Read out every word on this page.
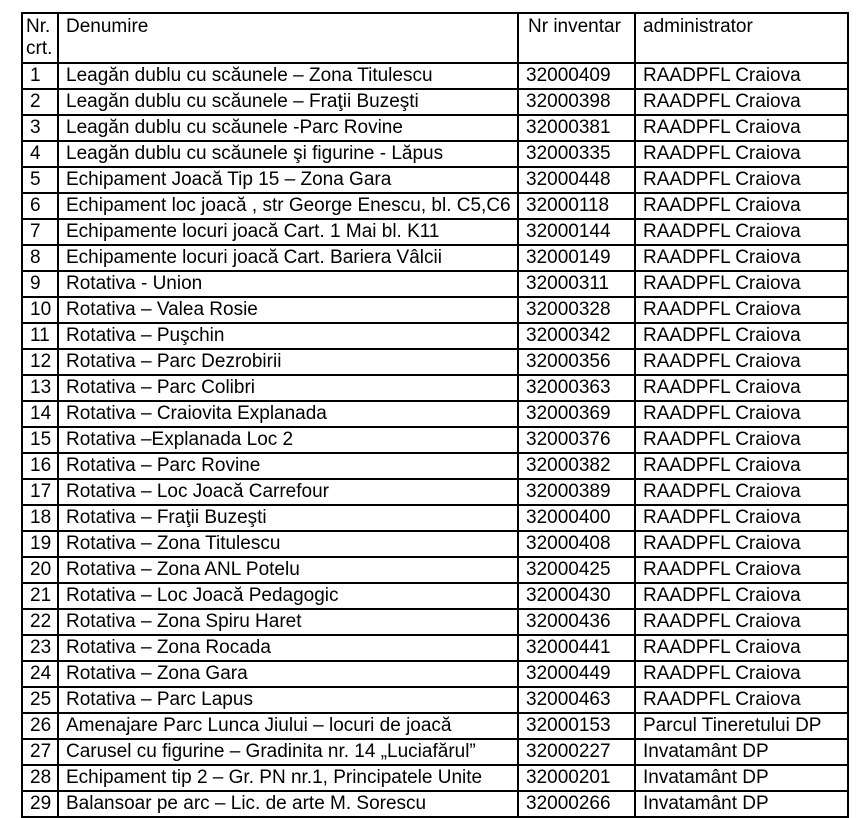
Nr. crt.	Denumire	Nr inventar	administrator
1	Leagăn dublu cu scăunele – Zona Titulescu	32000409	RAADPFL Craiova
2	Leagăn dublu cu scăunele – Fraţii Buzeşti	32000398	RAADPFL Craiova
3	Leagăn dublu cu scăunele -Parc Rovine	32000381	RAADPFL Craiova
4	Leagăn dublu cu scăunele şi figurine - Lăpus	32000335	RAADPFL Craiova
5	Echipament Joacă Tip 15 – Zona Gara	32000448	RAADPFL Craiova
6	Echipament loc joacă , str George Enescu, bl. C5,C6	32000118	RAADPFL Craiova
7	Echipamente locuri joacă Cart. 1 Mai bl. K11	32000144	RAADPFL Craiova
8	Echipamente locuri joacă Cart. Bariera Vâlcii	32000149	RAADPFL Craiova
9	Rotativa - Union	32000311	RAADPFL Craiova
10	Rotativa – Valea Rosie	32000328	RAADPFL Craiova
11	Rotativa – Puşchin	32000342	RAADPFL Craiova
12	Rotativa – Parc Dezrobirii	32000356	RAADPFL Craiova
13	Rotativa – Parc Colibri	32000363	RAADPFL Craiova
14	Rotativa – Craiovita Explanada	32000369	RAADPFL Craiova
15	Rotativa –Explanada Loc 2	32000376	RAADPFL Craiova
16	Rotativa – Parc Rovine	32000382	RAADPFL Craiova
17	Rotativa – Loc Joacă Carrefour	32000389	RAADPFL Craiova
18	Rotativa – Fraţii Buzeşti	32000400	RAADPFL Craiova
19	Rotativa – Zona Titulescu	32000408	RAADPFL Craiova
20	Rotativa – Zona ANL Potelu	32000425	RAADPFL Craiova
21	Rotativa – Loc Joacă Pedagogic	32000430	RAADPFL Craiova
22	Rotativa – Zona Spiru Haret	32000436	RAADPFL Craiova
23	Rotativa – Zona Rocada	32000441	RAADPFL Craiova
24	Rotativa – Zona Gara	32000449	RAADPFL Craiova
25	Rotativa – Parc Lapus	32000463	RAADPFL Craiova
26	Amenajare Parc Lunca Jiului – locuri de joacă	32000153	Parcul Tineretului DP
27	Carusel cu figurine – Gradinita nr. 14 „Luciafărul”	32000227	Invatamânt DP
28	Echipament tip 2 – Gr. PN nr.1, Principatele Unite	32000201	Invatamânt DP
29	Balansoar pe arc – Lic. de arte M. Sorescu	32000266	Invatamânt DP
